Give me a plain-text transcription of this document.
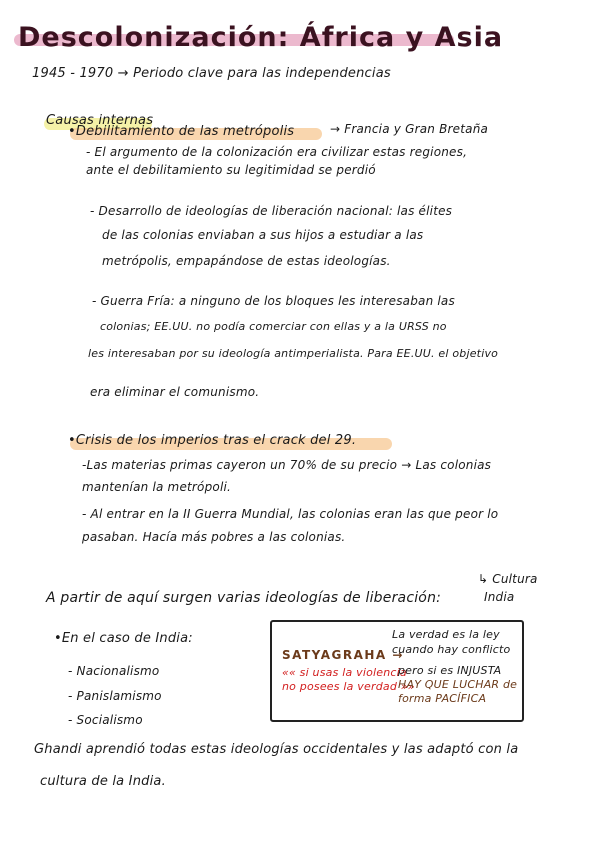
Descolonización: África y Asia
1945 - 1970 → Periodo clave para las independencias
Causas internas
•Debilitamiento de las metrópolis	→ Francia y Gran Bretaña
- El argumento de la colonización era civilizar estas regiones,
ante el debilitamiento su legitimidad se perdió
- Desarrollo de ideologías de liberación nacional: las élites
de las colonias enviaban a sus hijos a estudiar a las
metrópolis, empapándose de estas ideologías.
- Guerra Fría: a ninguno de los bloques les interesaban las
colonias; EE.UU. no podía comerciar con ellas y a la URSS no
les interesaban por su ideología antimperialista. Para EE.UU. el objetivo
era eliminar el comunismo.
•Crisis de los imperios tras el crack del 29.
-Las materias primas cayeron un 70% de su precio → Las colonias
mantenían la metrópoli.
- Al entrar en la II Guerra Mundial, las colonias eran las que peor lo
pasaban. Hacía más pobres a las colonias.
A partir de aquí surgen varias ideologías de liberación:
↳ Cultura
India
•En el caso de India:
- Nacionalismo
- Panislamismo
- Socialismo
SATYAGRAHA →
La verdad es la ley
cuando hay conflicto
«« si usas la violencia
no posees la verdad »»
pero si es INJUSTA
HAY QUE LUCHAR de
forma PACÍFICA
Ghandi aprendió todas estas ideologías occidentales y las adaptó con la
cultura de la India.
